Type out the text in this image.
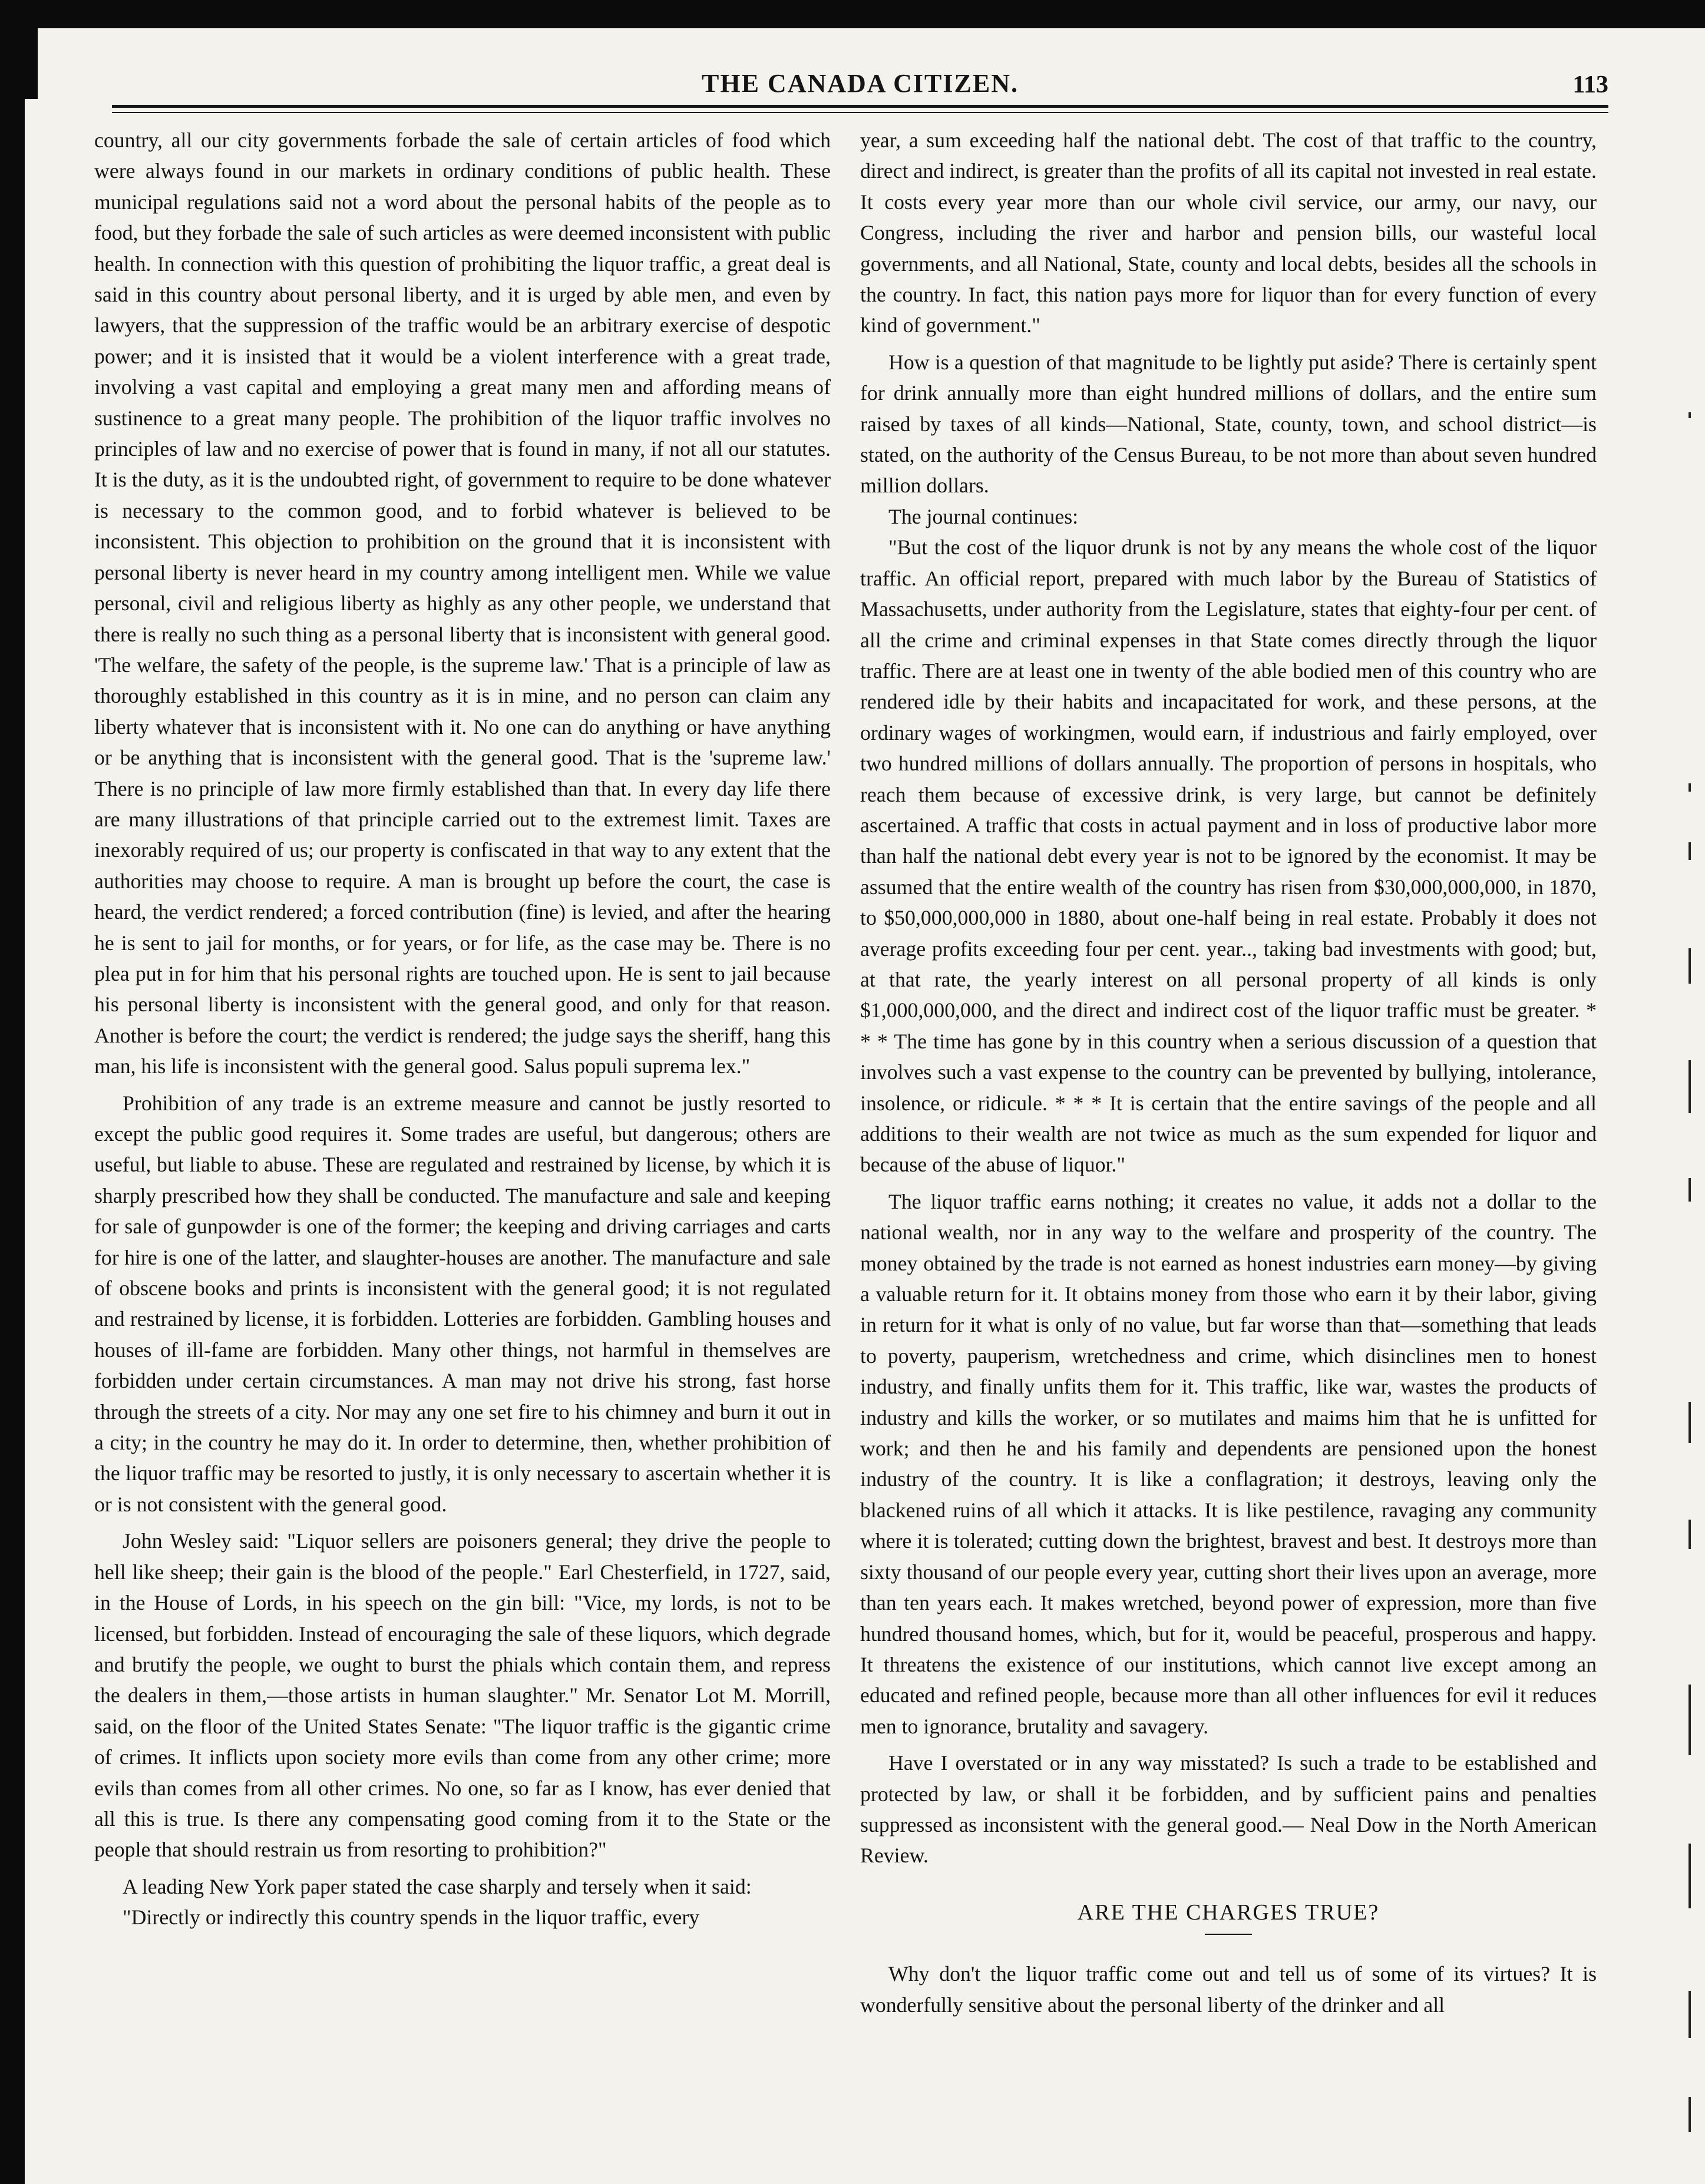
THE CANADA CITIZEN.	113

country, all our city governments forbade the sale of certain articles of food which were always found in our markets in ordinary conditions of public health. These municipal regulations said not a word about the personal habits of the people as to food, but they forbade the sale of such articles as were deemed inconsistent with public health. In connection with this question of prohibiting the liquor traffic, a great deal is said in this country about personal liberty, and it is urged by able men, and even by lawyers, that the suppression of the traffic would be an arbitrary exercise of despotic power; and it is insisted that it would be a violent interference with a great trade, involving a vast capital and employing a great many men and affording means of sustinence to a great many people. The prohibition of the liquor traffic involves no principles of law and no exercise of power that is found in many, if not all our statutes. It is the duty, as it is the undoubted right, of government to require to be done whatever is necessary to the common good, and to forbid whatever is believed to be inconsistent. This objection to prohibition on the ground that it is inconsistent with personal liberty is never heard in my country among intelligent men. While we value personal, civil and religious liberty as highly as any other people, we understand that there is really no such thing as a personal liberty that is inconsistent with general good. 'The welfare, the safety of the people, is the supreme law.' That is a principle of law as thoroughly established in this country as it is in mine, and no person can claim any liberty whatever that is inconsistent with it. No one can do anything or have anything or be anything that is inconsistent with the general good. That is the 'supreme law.' There is no principle of law more firmly established than that. In every day life there are many illustrations of that principle carried out to the extremest limit. Taxes are inexorably required of us; our property is confiscated in that way to any extent that the authorities may choose to require. A man is brought up before the court, the case is heard, the verdict rendered; a forced contribution (fine) is levied, and after the hearing he is sent to jail for months, or for years, or for life, as the case may be. There is no plea put in for him that his personal rights are touched upon. He is sent to jail because his personal liberty is inconsistent with the general good, and only for that reason. Another is before the court; the verdict is rendered; the judge says the sheriff, hang this man, his life is inconsistent with the general good. Salus populi suprema lex."

Prohibition of any trade is an extreme measure and cannot be justly resorted to except the public good requires it. Some trades are useful, but dangerous; others are useful, but liable to abuse. These are regulated and restrained by license, by which it is sharply prescribed how they shall be conducted. The manufacture and sale and keeping for sale of gunpowder is one of the former; the keeping and driving carriages and carts for hire is one of the latter, and slaughter-houses are another. The manufacture and sale of obscene books and prints is inconsistent with the general good; it is not regulated and restrained by license, it is forbidden. Lotteries are forbidden. Gambling houses and houses of ill-fame are forbidden. Many other things, not harmful in themselves are forbidden under certain circumstances. A man may not drive his strong, fast horse through the streets of a city. Nor may any one set fire to his chimney and burn it out in a city; in the country he may do it. In order to determine, then, whether prohibition of the liquor traffic may be resorted to justly, it is only necessary to ascertain whether it is or is not consistent with the general good.

John Wesley said: "Liquor sellers are poisoners general; they drive the people to hell like sheep; their gain is the blood of the people." Earl Chesterfield, in 1727, said, in the House of Lords, in his speech on the gin bill: "Vice, my lords, is not to be licensed, but forbidden. Instead of encouraging the sale of these liquors, which degrade and brutify the people, we ought to burst the phials which contain them, and repress the dealers in them,—those artists in human slaughter." Mr. Senator Lot M. Morrill, said, on the floor of the United States Senate: "The liquor traffic is the gigantic crime of crimes. It inflicts upon society more evils than come from any other crime; more evils than comes from all other crimes. No one, so far as I know, has ever denied that all this is true. Is there any compensating good coming from it to the State or the people that should restrain us from resorting to prohibition?"

A leading New York paper stated the case sharply and tersely when it said:

"Directly or indirectly this country spends in the liquor traffic, every

year, a sum exceeding half the national debt. The cost of that traffic to the country, direct and indirect, is greater than the profits of all its capital not invested in real estate. It costs every year more than our whole civil service, our army, our navy, our Congress, including the river and harbor and pension bills, our wasteful local governments, and all National, State, county and local debts, besides all the schools in the country. In fact, this nation pays more for liquor than for every function of every kind of government."

How is a question of that magnitude to be lightly put aside? There is certainly spent for drink annually more than eight hundred millions of dollars, and the entire sum raised by taxes of all kinds—National, State, county, town, and school district—is stated, on the authority of the Census Bureau, to be not more than about seven hundred million dollars.

The journal continues:

"But the cost of the liquor drunk is not by any means the whole cost of the liquor traffic. An official report, prepared with much labor by the Bureau of Statistics of Massachusetts, under authority from the Legislature, states that eighty-four per cent. of all the crime and criminal expenses in that State comes directly through the liquor traffic. There are at least one in twenty of the able bodied men of this country who are rendered idle by their habits and incapacitated for work, and these persons, at the ordinary wages of workingmen, would earn, if industrious and fairly employed, over two hundred millions of dollars annually. The proportion of persons in hospitals, who reach them because of excessive drink, is very large, but cannot be definitely ascertained. A traffic that costs in actual payment and in loss of productive labor more than half the national debt every year is not to be ignored by the economist. It may be assumed that the entire wealth of the country has risen from $30,000,000,000, in 1870, to $50,000,000,000 in 1880, about one-half being in real estate. Probably it does not average profits exceeding four per cent. year.., taking bad investments with good; but, at that rate, the yearly interest on all personal property of all kinds is only $1,000,000,000, and the direct and indirect cost of the liquor traffic must be greater. * * * The time has gone by in this country when a serious discussion of a question that involves such a vast expense to the country can be prevented by bullying, intolerance, insolence, or ridicule. * * * It is certain that the entire savings of the people and all additions to their wealth are not twice as much as the sum expended for liquor and because of the abuse of liquor."

The liquor traffic earns nothing; it creates no value, it adds not a dollar to the national wealth, nor in any way to the welfare and prosperity of the country. The money obtained by the trade is not earned as honest industries earn money—by giving a valuable return for it. It obtains money from those who earn it by their labor, giving in return for it what is only of no value, but far worse than that—something that leads to poverty, pauperism, wretchedness and crime, which disinclines men to honest industry, and finally unfits them for it. This traffic, like war, wastes the products of industry and kills the worker, or so mutilates and maims him that he is unfitted for work; and then he and his family and dependents are pensioned upon the honest industry of the country. It is like a conflagration; it destroys, leaving only the blackened ruins of all which it attacks. It is like pestilence, ravaging any community where it is tolerated; cutting down the brightest, bravest and best. It destroys more than sixty thousand of our people every year, cutting short their lives upon an average, more than ten years each. It makes wretched, beyond power of expression, more than five hundred thousand homes, which, but for it, would be peaceful, prosperous and happy. It threatens the existence of our institutions, which cannot live except among an educated and refined people, because more than all other influences for evil it reduces men to ignorance, brutality and savagery.

Have I overstated or in any way misstated? Is such a trade to be established and protected by law, or shall it be forbidden, and by sufficient pains and penalties suppressed as inconsistent with the general good.— Neal Dow in the North American Review.

ARE THE CHARGES TRUE?

Why don't the liquor traffic come out and tell us of some of its virtues? It is wonderfully sensitive about the personal liberty of the drinker and all
